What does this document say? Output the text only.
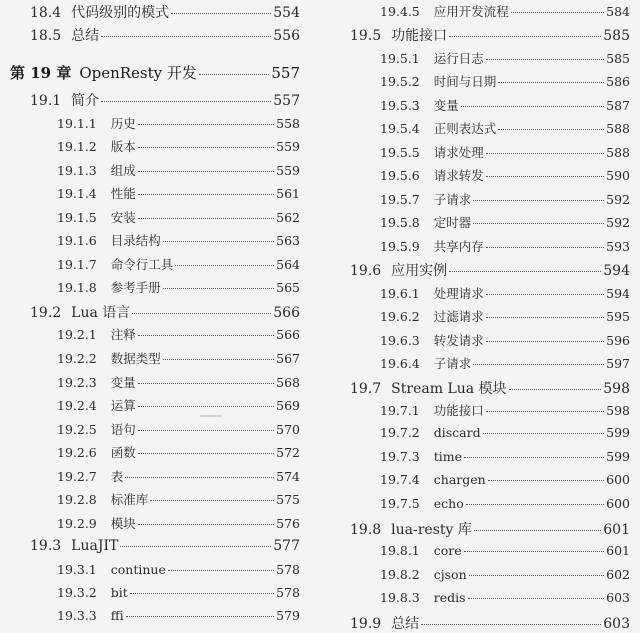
18.4 代码级别的模式	554
18.5 总结	556
第 19 章 OpenResty 开发	557
19.1 简介	557
19.1.1 历史	558
19.1.2 版本	559
19.1.3 组成	559
19.1.4 性能	561
19.1.5 安装	562
19.1.6 目录结构	563
19.1.7 命令行工具	564
19.1.8 参考手册	565
19.2 Lua 语言	566
19.2.1 注释	566
19.2.2 数据类型	567
19.2.3 变量	568
19.2.4 运算	569
19.2.5 语句	570
19.2.6 函数	572
19.2.7 表	574
19.2.8 标准库	575
19.2.9 模块	576
19.3 LuaJIT	577
19.3.1 continue	578
19.3.2 bit	578
19.3.3 ffi	579
19.4.5 应用开发流程	584
19.5 功能接口	585
19.5.1 运行日志	585
19.5.2 时间与日期	586
19.5.3 变量	587
19.5.4 正则表达式	588
19.5.5 请求处理	588
19.5.6 请求转发	590
19.5.7 子请求	592
19.5.8 定时器	592
19.5.9 共享内存	593
19.6 应用实例	594
19.6.1 处理请求	594
19.6.2 过滤请求	595
19.6.3 转发请求	596
19.6.4 子请求	597
19.7 Stream Lua 模块	598
19.7.1 功能接口	598
19.7.2 discard	599
19.7.3 time	599
19.7.4 chargen	600
19.7.5 echo	600
19.8 lua-resty 库	601
19.8.1 core	601
19.8.2 cjson	602
19.8.3 redis	603
19.9 总结	603
